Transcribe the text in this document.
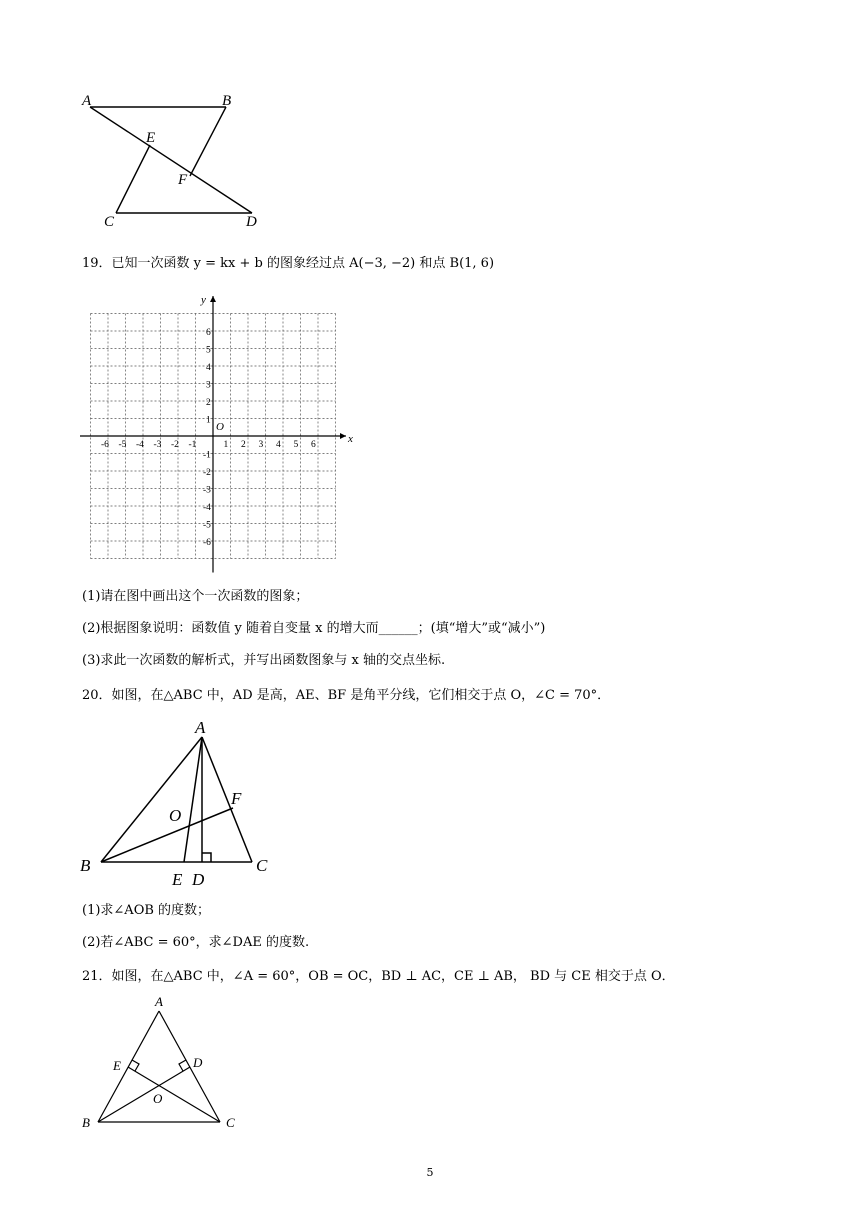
A	B
E
F
C	D
19．已知一次函数 y = kx + b 的图象经过点 A(−3, −2) 和点 B(1, 6)
-6 -5 -4 -3 -2 -1	1 2 3 4 5 6
6
5
4
3
2
1
-1
-2
-3
-4
-5
-6
O
x
y
(1)请在图中画出这个一次函数的图象；
(2)根据图象说明：函数值 y 随着自变量 x 的增大而______；(填“增大”或“减小”)
(3)求此一次函数的解析式，并写出函数图象与 x 轴的交点坐标.
20．如图，在△ABC 中，AD 是高，AE、BF 是角平分线，它们相交于点 O，∠C = 70°．
A
F
O
B	C
E D
(1)求∠AOB 的度数；
(2)若∠ABC = 60°，求∠DAE 的度数.
21．如图，在△ABC 中，∠A = 60°，OB = OC，BD ⊥ AC，CE ⊥ AB， BD 与 CE 相交于点 O．
A
E	D
O
B	C
5
